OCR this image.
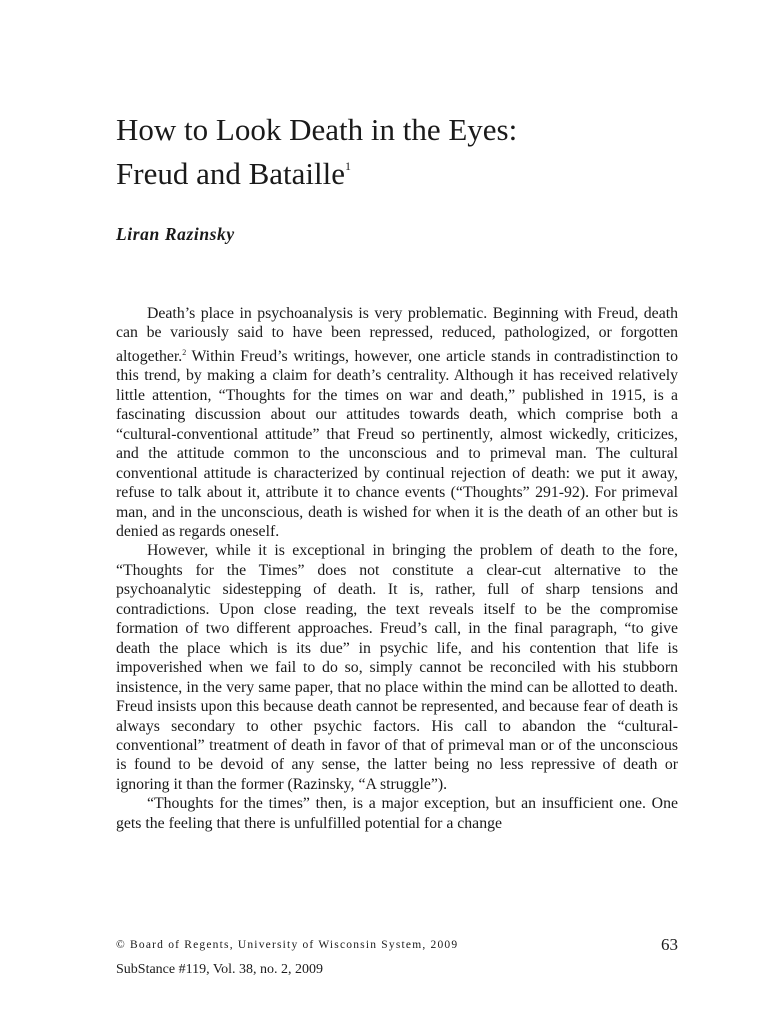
How to Look Death in the Eyes:
Freud and Bataille$^1$

Liran Razinsky

Death’s place in psychoanalysis is very problematic. Beginning with Freud, death can be variously said to have been repressed, reduced, pathologized, or forgotten altogether.$^2$ Within Freud’s writings, however, one article stands in contradistinction to this trend, by making a claim for death’s centrality. Although it has received relatively little attention, “Thoughts for the times on war and death,” published in 1915, is a fascinating discussion about our attitudes towards death, which comprise both a “cultural-conventional attitude” that Freud so pertinently, almost wickedly, criticizes, and the attitude common to the unconscious and to primeval man. The cultural conventional attitude is characterized by continual rejection of death: we put it away, refuse to talk about it, attribute it to chance events (“Thoughts” 291-92). For primeval man, and in the unconscious, death is wished for when it is the death of an other but is denied as regards oneself.

However, while it is exceptional in bringing the problem of death to the fore, “Thoughts for the Times” does not constitute a clear-cut alternative to the psychoanalytic sidestepping of death. It is, rather, full of sharp tensions and contradictions. Upon close reading, the text reveals itself to be the compromise formation of two different approaches. Freud’s call, in the final paragraph, “to give death the place which is its due” in psychic life, and his contention that life is impoverished when we fail to do so, simply cannot be reconciled with his stubborn insistence, in the very same paper, that no place within the mind can be allotted to death. Freud insists upon this because death cannot be represented, and because fear of death is always secondary to other psychic factors. His call to abandon the “cultural-conventional” treatment of death in favor of that of primeval man or of the unconscious is found to be devoid of any sense, the latter being no less repressive of death or ignoring it than the former (Razinsky, “A struggle”).

“Thoughts for the times” then, is a major exception, but an insufficient one. One gets the feeling that there is unfulfilled potential for a change

© Board of Regents, University of Wisconsin System, 2009	63
SubStance #119, Vol. 38, no. 2, 2009
